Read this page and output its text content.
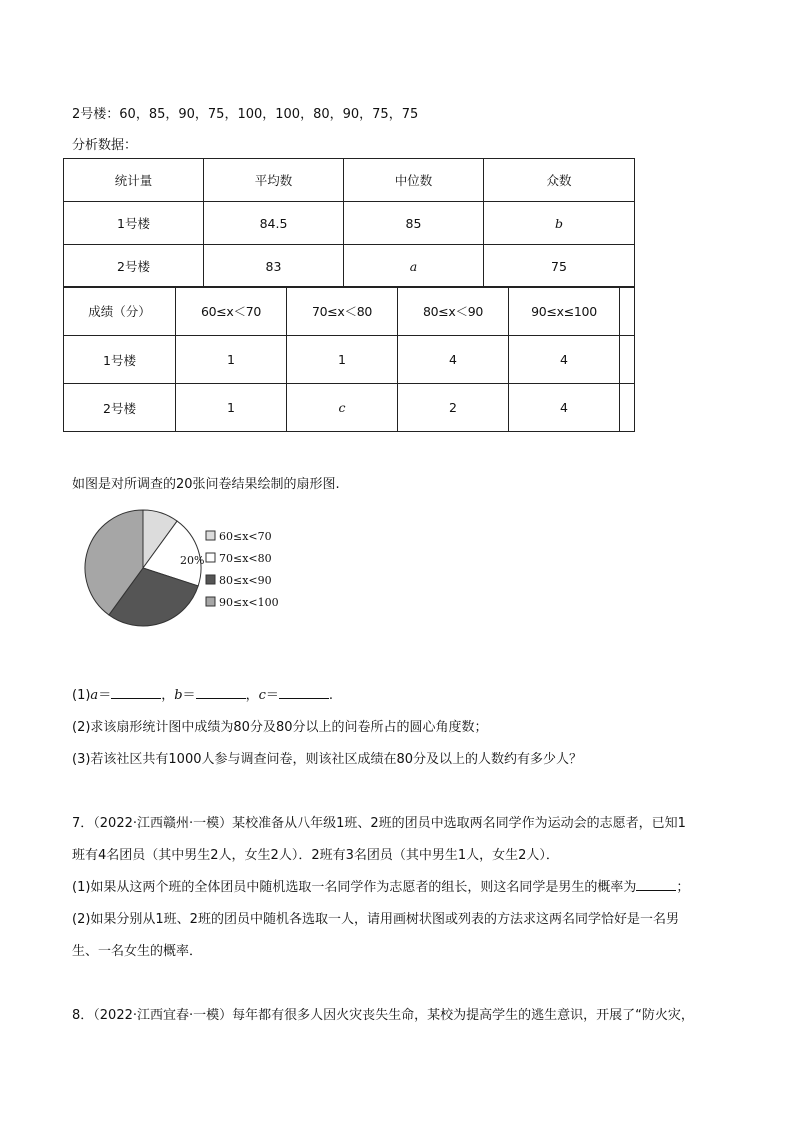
2号楼：60，85，90，75，100，100，80，90，75，75
分析数据：
统计量	平均数	中位数	众数
1号楼	84.5	85	b
2号楼	83	a	75
成绩（分）	60≤x＜70	70≤x＜80	80≤x＜90	90≤x≤100	
1号楼	1	1	4	4	
2号楼	1	c	2	4	
如图是对所调查的20张问卷结果绘制的扇形图.
20%
60≤x<70
70≤x<80
80≤x<90
90≤x<100
(1)a＝	，b＝	，c＝	.
(2)求该扇形统计图中成绩为80分及80分以上的问卷所占的圆心角度数；
(3)若该社区共有1000人参与调查问卷，则该社区成绩在80分及以上的人数约有多少人？
7．（2022·江西赣州·一模）某校准备从八年级1班、2班的团员中选取两名同学作为运动会的志愿者，已知1
班有4名团员（其中男生2人，女生2人）．2班有3名团员（其中男生1人，女生2人）．
(1)如果从这两个班的全体团员中随机选取一名同学作为志愿者的组长，则这名同学是男生的概率为	；
(2)如果分别从1班、2班的团员中随机各选取一人，请用画树状图或列表的方法求这两名同学恰好是一名男
生、一名女生的概率．
8．（2022·江西宜春·一模）每年都有很多人因火灾丧失生命，某校为提高学生的逃生意识，开展了“防火灾，
